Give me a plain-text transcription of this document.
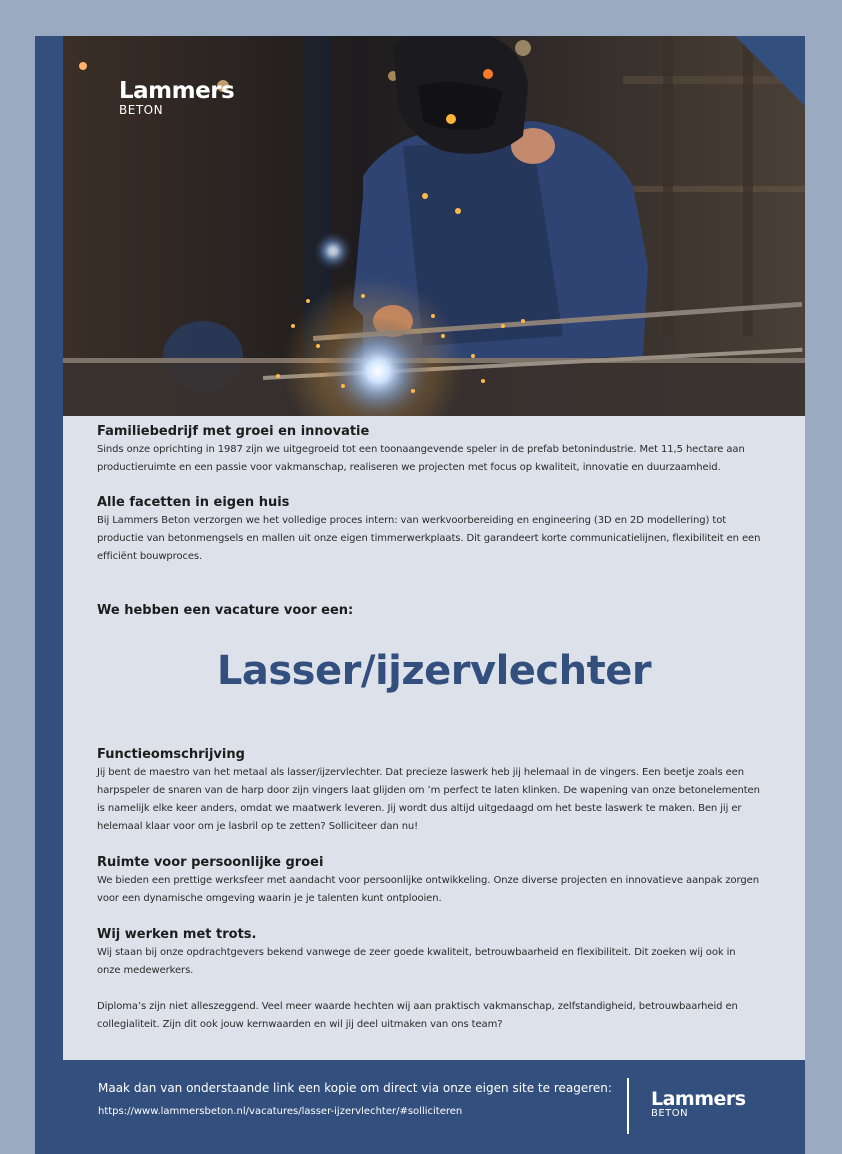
Lammers
BETON
Familiebedrijf met groei en innovatie

Sinds onze oprichting in 1987 zijn we uitgegroeid tot een toonaangevende speler in de prefab betonindustrie. Met 11,5 hectare aan productieruimte en een passie voor vakmanschap, realiseren we projecten met focus op kwaliteit, innovatie en duurzaamheid.

Alle facetten in eigen huis

Bij Lammers Beton verzorgen we het volledige proces intern: van werkvoorbereiding en engineering (3D en 2D modellering) tot productie van betonmengsels en mallen uit onze eigen timmerwerkplaats. Dit garandeert korte communicatielijnen, flexibiliteit en een efficiënt bouwproces.

We hebben een vacature voor een:
Lasser/ijzervlechter
Functieomschrijving

Jij bent de maestro van het metaal als lasser/ijzervlechter. Dat precieze laswerk heb jij helemaal in de vingers. Een beetje zoals een harpspeler de snaren van de harp door zijn vingers laat glijden om ’m perfect te laten klinken. De wapening van onze betonelementen is namelijk elke keer anders, omdat we maatwerk leveren. Jij wordt dus altijd uitgedaagd om het beste laswerk te maken. Ben jij er helemaal klaar voor om je lasbril op te zetten? Solliciteer dan nu!

Ruimte voor persoonlijke groei

We bieden een prettige werksfeer met aandacht voor persoonlijke ontwikkeling. Onze diverse projecten en innovatieve aanpak zorgen voor een dynamische omgeving waarin je je talenten kunt ontplooien.

Wij werken met trots.

Wij staan bij onze opdrachtgevers bekend vanwege de zeer goede kwaliteit, betrouwbaarheid en flexibiliteit. Dit zoeken wij ook in onze medewerkers.

Diploma’s zijn niet alleszeggend. Veel meer waarde hechten wij aan praktisch vakmanschap, zelfstandigheid, betrouwbaarheid en collegialiteit. Zijn dit ook jouw kernwaarden en wil jij deel uitmaken van ons team?

Maak dan van onderstaande link een kopie om direct via onze eigen site te reageren:

https://www.lammersbeton.nl/vacatures/lasser-ijzervlechter/#solliciteren

Lammers
BETON
